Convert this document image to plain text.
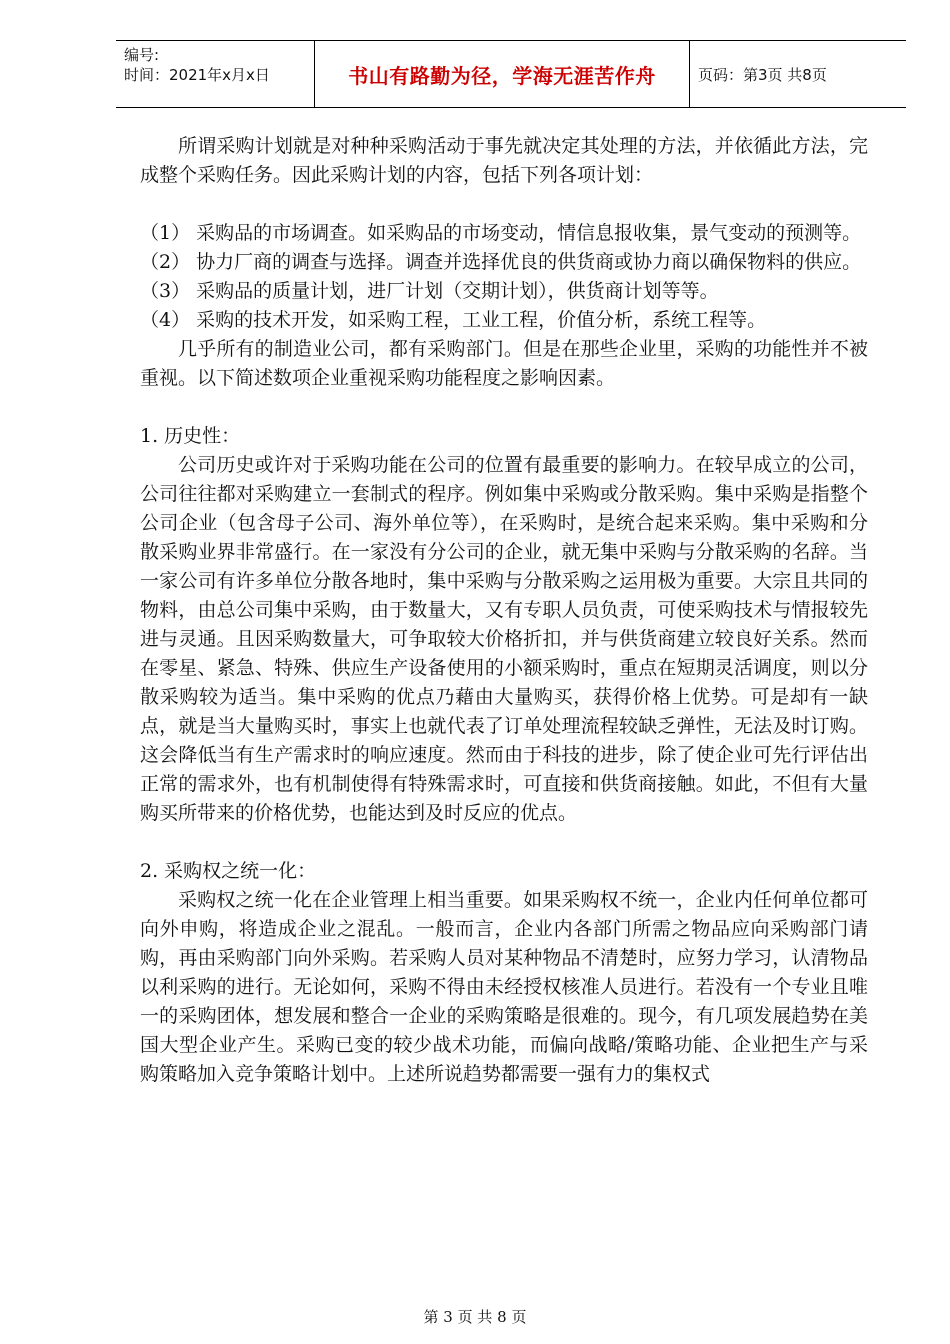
编号:
时间：2021年x月x日	书山有路勤为径，学海无涯苦作舟	页码：第3页 共8页

所谓采购计划就是对种种采购活动于事先就决定其处理的方法，并依循此方法，完成整个采购任务。因此采购计划的内容，包括下列各项计划：

（1） 采购品的市场调查。如采购品的市场变动，情信息报收集，景气变动的预测等。

（2） 协力厂商的调查与选择。调查并选择优良的供货商或协力商以确保物料的供应。

（3） 采购品的质量计划，进厂计划（交期计划），供货商计划等等。

（4） 采购的技术开发，如采购工程，工业工程，价值分析，系统工程等。

几乎所有的制造业公司，都有采购部门。但是在那些企业里，采购的功能性并不被重视。以下简述数项企业重视采购功能程度之影响因素。

1. 历史性：

公司历史或许对于采购功能在公司的位置有最重要的影响力。在较早成立的公司，公司往往都对采购建立一套制式的程序。例如集中采购或分散采购。集中采购是指整个公司企业（包含母子公司、海外单位等），在采购时，是统合起来采购。集中采购和分散采购业界非常盛行。在一家没有分公司的企业，就无集中采购与分散采购的名辞。当一家公司有许多单位分散各地时，集中采购与分散采购之运用极为重要。大宗且共同的物料，由总公司集中采购，由于数量大，又有专职人员负责，可使采购技术与情报较先进与灵通。且因采购数量大，可争取较大价格折扣，并与供货商建立较良好关系。然而在零星、紧急、特殊、供应生产设备使用的小额采购时，重点在短期灵活调度，则以分散采购较为适当。集中采购的优点乃藉由大量购买，获得价格上优势。可是却有一缺点，就是当大量购买时，事实上也就代表了订单处理流程较缺乏弹性，无法及时订购。这会降低当有生产需求时的响应速度。然而由于科技的进步，除了使企业可先行评估出正常的需求外，也有机制使得有特殊需求时，可直接和供货商接触。如此，不但有大量购买所带来的价格优势，也能达到及时反应的优点。

2. 采购权之统一化：

采购权之统一化在企业管理上相当重要。如果采购权不统一，企业内任何单位都可向外申购，将造成企业之混乱。一般而言，企业内各部门所需之物品应向采购部门请购，再由采购部门向外采购。若采购人员对某种物品不清楚时，应努力学习，认清物品以利采购的进行。无论如何，采购不得由未经授权核准人员进行。若没有一个专业且唯一的采购团体，想发展和整合一企业的采购策略是很难的。现今，有几项发展趋势在美国大型企业产生。采购已变的较少战术功能，而偏向战略/策略功能、企业把生产与采购策略加入竞争策略计划中。上述所说趋势都需要一强有力的集权式

第 3 页 共 8 页
